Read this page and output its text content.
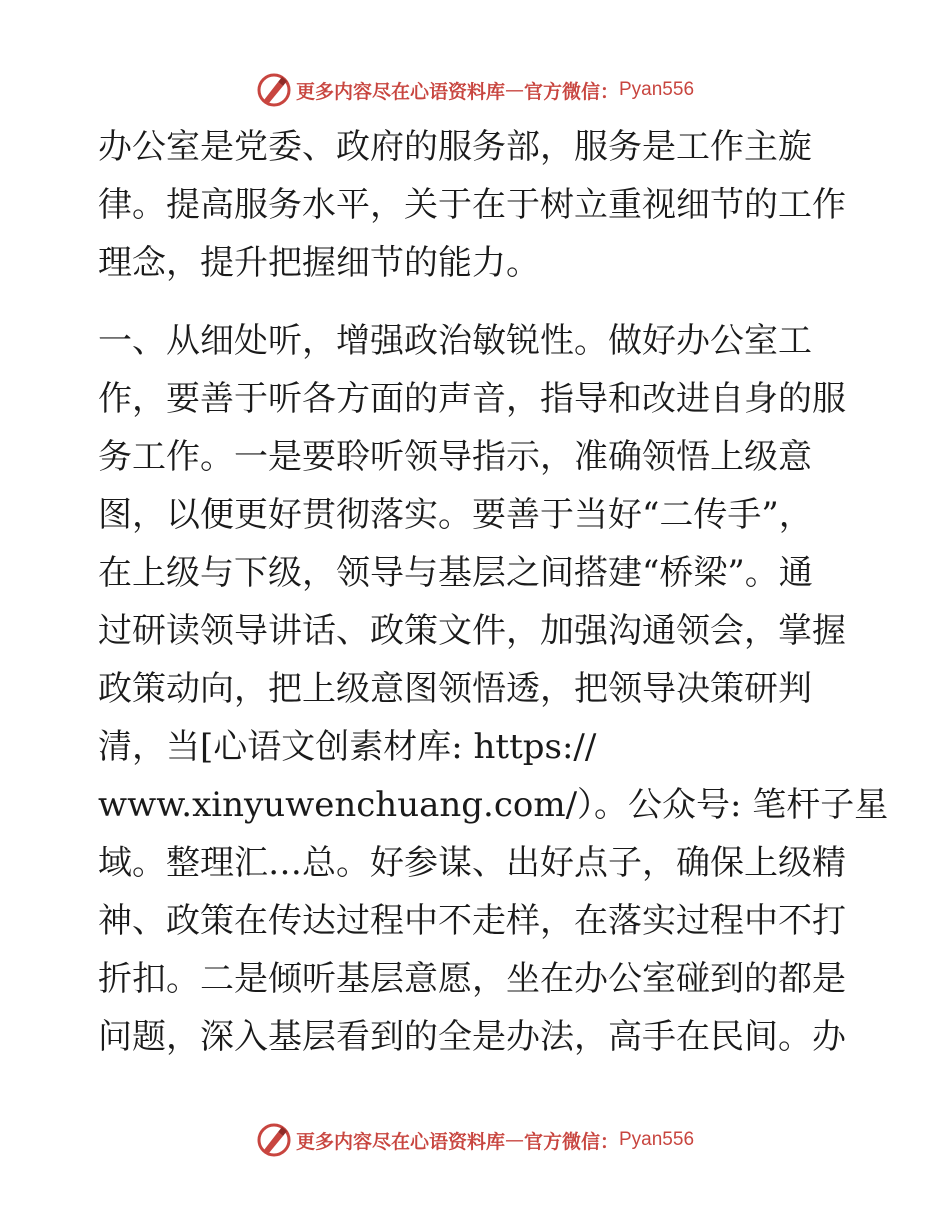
更多内容尽在心语资料库 — 官方微信： Pyan556
办公室是党委、政府的服务部，服务是工作主旋
律。提高服务水平，关于在于树立重视细节的工作
理念，提升把握细节的能力。
一、从细处听，增强政治敏锐性。做好办公室工
作，要善于听各方面的声音，指导和改进自身的服
务工作。一是要聆听领导指示，准确领悟上级意
图，以便更好贯彻落实。要善于当好“二传手”，
在上级与下级，领导与基层之间搭建“桥梁”。通
过研读领导讲话、政策文件，加强沟通领会，掌握
政策动向，把上级意图领悟透，把领导决策研判
清，当[心语文创素材库: https://
www.xinyuwenchuang.com/）。公众号: 笔杆子星
域。整理汇…总。好参谋、出好点子，确保上级精
神、政策在传达过程中不走样，在落实过程中不打
折扣。二是倾听基层意愿，坐在办公室碰到的都是
问题，深入基层看到的全是办法，高手在民间。办
更多内容尽在心语资料库 — 官方微信： Pyan556
